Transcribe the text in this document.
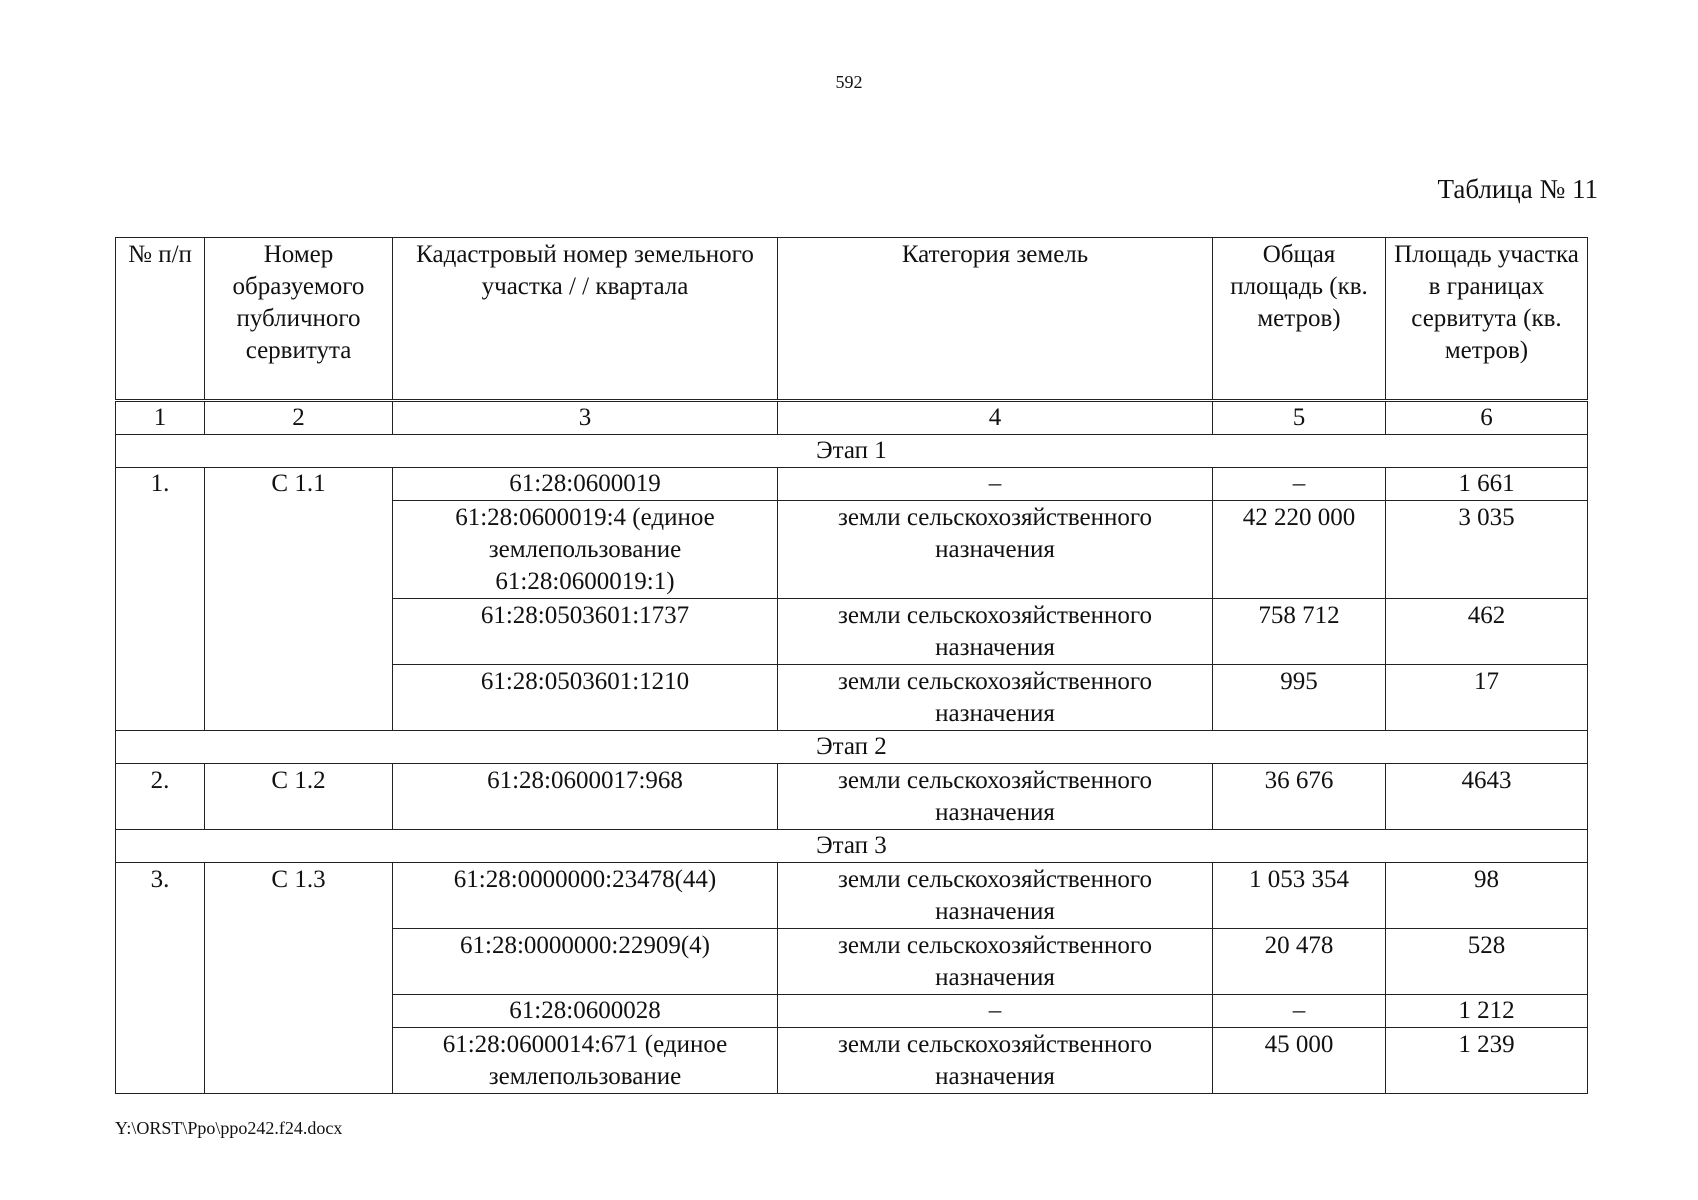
592
Таблица № 11
№ п/п	Номер образуемого публичного сервитута	Кадастровый номер земельного участка / / квартала	Категория земель	Общая площадь (кв. метров)	Площадь участка в границах сервитута (кв. метров)
1	2	3	4	5	6
Этап 1					
1.	С 1.1	61:28:0600019	–	–	1 661
		61:28:0600019:4 (единое землепользование 61:28:0600019:1)	земли сельскохозяйственного назначения	42 220 000	3 035
		61:28:0503601:1737	земли сельскохозяйственного назначения	758 712	462
		61:28:0503601:1210	земли сельскохозяйственного назначения	995	17
Этап 2					
2.	С 1.2	61:28:0600017:968	земли сельскохозяйственного назначения	36 676	4643
Этап 3					
3.	С 1.3	61:28:0000000:23478(44)	земли сельскохозяйственного назначения	1 053 354	98
		61:28:0000000:22909(4)	земли сельскохозяйственного назначения	20 478	528
		61:28:0600028	–	–	1 212
		61:28:0600014:671 (единое землепользование	земли сельскохозяйственного назначения	45 000	1 239
Y:\ORST\Ppo\ppo242.f24.docx
